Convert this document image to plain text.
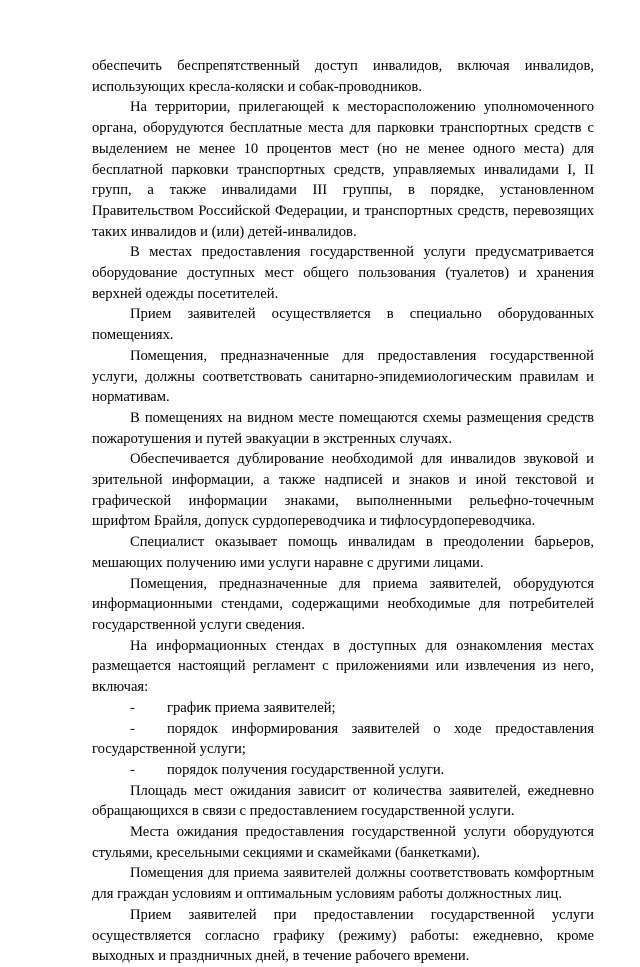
обеспечить беспрепятственный доступ инвалидов, включая инвалидов, использующих кресла-коляски и собак-проводников.

На территории, прилегающей к месторасположению уполномоченного органа, оборудуются бесплатные места для парковки транспортных средств с выделением не менее 10 процентов мест (но не менее одного места) для бесплатной парковки транспортных средств, управляемых инвалидами I, II групп, а также инвалидами III группы, в порядке, установленном Правительством Российской Федерации, и транспортных средств, перевозящих таких инвалидов и (или) детей-инвалидов.

В местах предоставления государственной услуги предусматривается оборудование доступных мест общего пользования (туалетов) и хранения верхней одежды посетителей.

Прием заявителей осуществляется в специально оборудованных помещениях.

Помещения, предназначенные для предоставления государственной услуги, должны соответствовать санитарно-эпидемиологическим правилам и нормативам.

В помещениях на видном месте помещаются схемы размещения средств пожаротушения и путей эвакуации в экстренных случаях.

Обеспечивается дублирование необходимой для инвалидов звуковой и зрительной информации, а также надписей и знаков и иной текстовой и графической информации знаками, выполненными рельефно-точечным шрифтом Брайля, допуск сурдопереводчика и тифлосурдопереводчика.

Специалист оказывает помощь инвалидам в преодолении барьеров, мешающих получению ими услуги наравне с другими лицами.

Помещения, предназначенные для приема заявителей, оборудуются информационными стендами, содержащими необходимые для потребителей государственной услуги сведения.

На информационных стендах в доступных для ознакомления местах размещается настоящий регламент с приложениями или извлечения из него, включая:

- график приема заявителей;

- порядок информирования заявителей о ходе предоставления государственной услуги;

- порядок получения государственной услуги.

Площадь мест ожидания зависит от количества заявителей, ежедневно обращающихся в связи с предоставлением государственной услуги.

Места ожидания предоставления государственной услуги оборудуются стульями, кресельными секциями и скамейками (банкетками).

Помещения для приема заявителей должны соответствовать комфортным для граждан условиям и оптимальным условиям работы должностных лиц.

Прием заявителей при предоставлении государственной услуги осуществляется согласно графику (режиму) работы: ежедневно, кроме выходных и праздничных дней, в течение рабочего времени.
